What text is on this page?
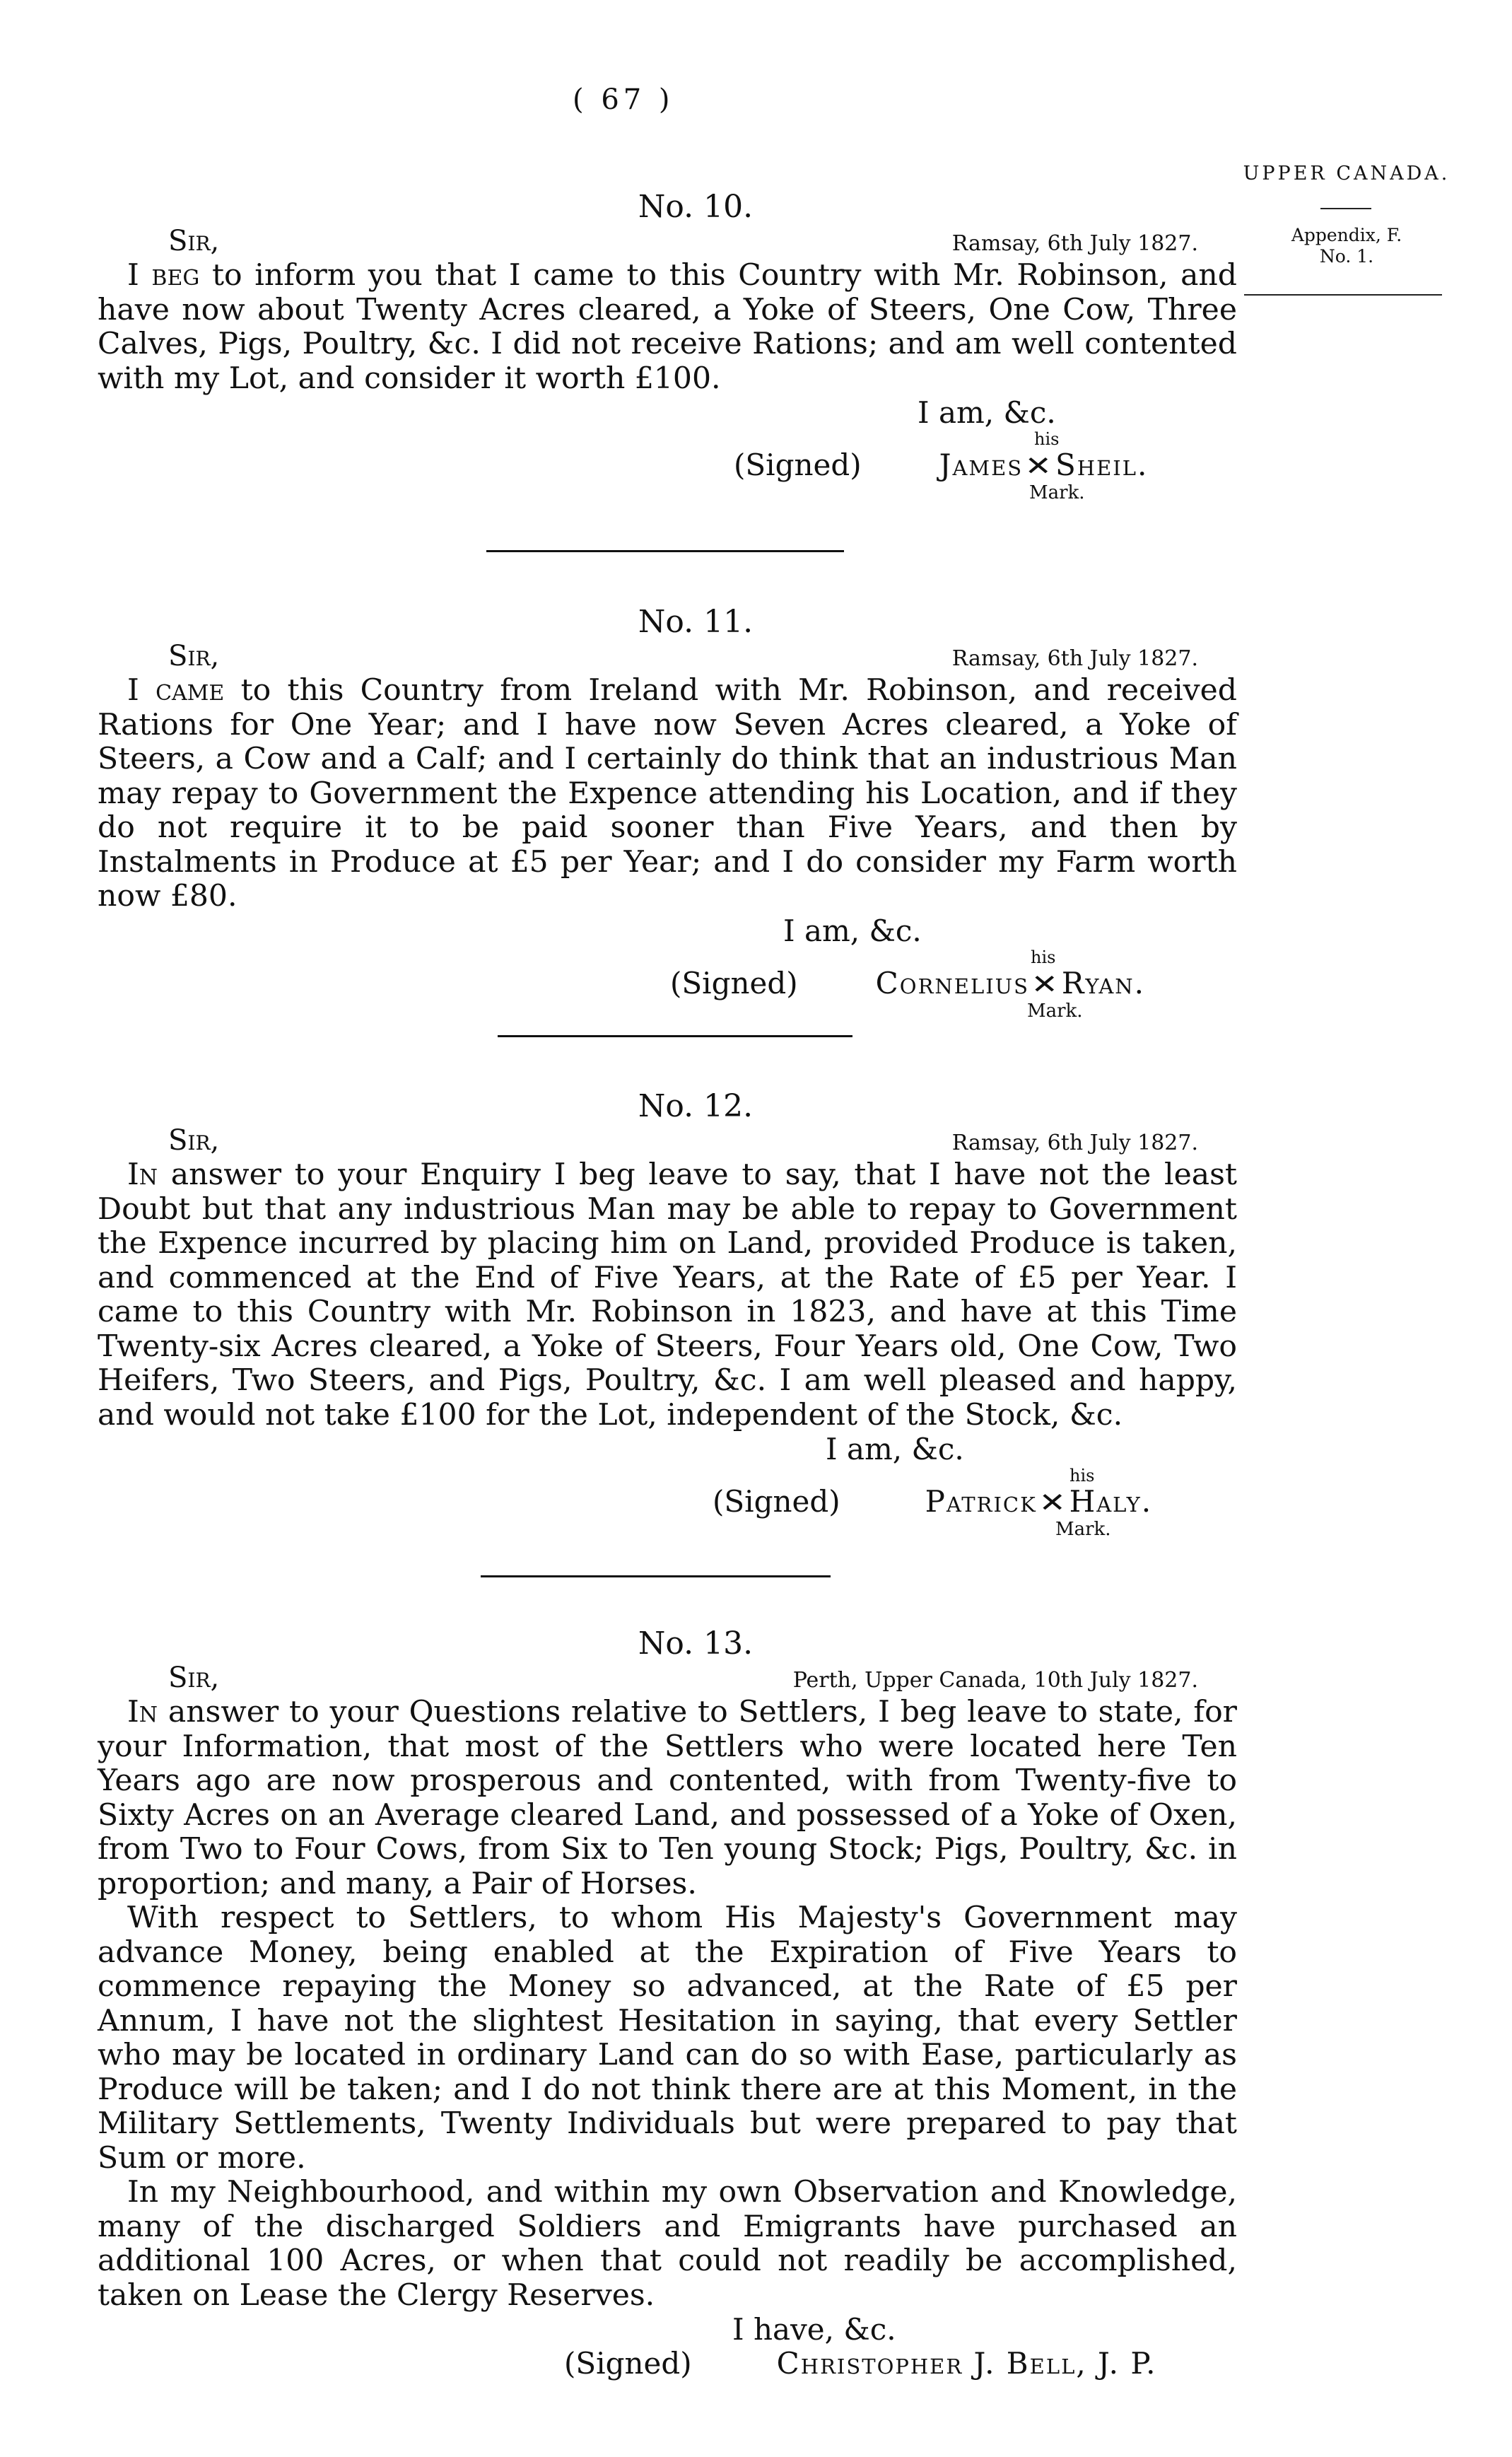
( 67 )
UPPER CANADA.
Appendix, F.
No. 1.
No. 10.
Sir,	Ramsay, 6th July 1827.

I beg to inform you that I came to this Country with Mr. Robinson, and have now about Twenty Acres cleared, a Yoke of Steers, One Cow, Three Calves, Pigs, Poultry, &c. I did not receive Rations; and am well contented with my Lot, and consider it worth £100.

I am, &c.
his
(Signed)	James✕Sheil.
Mark.
No. 11.
Sir,	Ramsay, 6th July 1827.

I came to this Country from Ireland with Mr. Robinson, and received Rations for One Year; and I have now Seven Acres cleared, a Yoke of Steers, a Cow and a Calf; and I certainly do think that an industrious Man may repay to Government the Expence attending his Location, and if they do not require it to be paid sooner than Five Years, and then by Instalments in Produce at £5 per Year; and I do consider my Farm worth now £80.

I am, &c.
his
(Signed)	Cornelius✕Ryan.
Mark.
No. 12.
Sir,	Ramsay, 6th July 1827.

In answer to your Enquiry I beg leave to say, that I have not the least Doubt but that any industrious Man may be able to repay to Government the Expence incurred by placing him on Land, provided Produce is taken, and commenced at the End of Five Years, at the Rate of £5 per Year. I came to this Country with Mr. Robinson in 1823, and have at this Time Twenty-six Acres cleared, a Yoke of Steers, Four Years old, One Cow, Two Heifers, Two Steers, and Pigs, Poultry, &c. I am well pleased and happy, and would not take £100 for the Lot, independent of the Stock, &c.

I am, &c.
his
(Signed)	Patrick✕Haly.
Mark.
No. 13.
Sir,	Perth, Upper Canada, 10th July 1827.

In answer to your Questions relative to Settlers, I beg leave to state, for your Information, that most of the Settlers who were located here Ten Years ago are now prosperous and contented, with from Twenty-five to Sixty Acres on an Average cleared Land, and possessed of a Yoke of Oxen, from Two to Four Cows, from Six to Ten young Stock; Pigs, Poultry, &c. in proportion; and many, a Pair of Horses.

With respect to Settlers, to whom His Majesty's Government may advance Money, being enabled at the Expiration of Five Years to commence repaying the Money so advanced, at the Rate of £5 per Annum, I have not the slightest Hesitation in saying, that every Settler who may be located in ordinary Land can do so with Ease, particularly as Produce will be taken; and I do not think there are at this Moment, in the Military Settlements, Twenty Individuals but were prepared to pay that Sum or more.

In my Neighbourhood, and within my own Observation and Knowledge, many of the discharged Soldiers and Emigrants have purchased an additional 100 Acres, or when that could not readily be accomplished, taken on Lease the Clergy Reserves.

I have, &c.
(Signed)	Christopher J. Bell, J. P.
